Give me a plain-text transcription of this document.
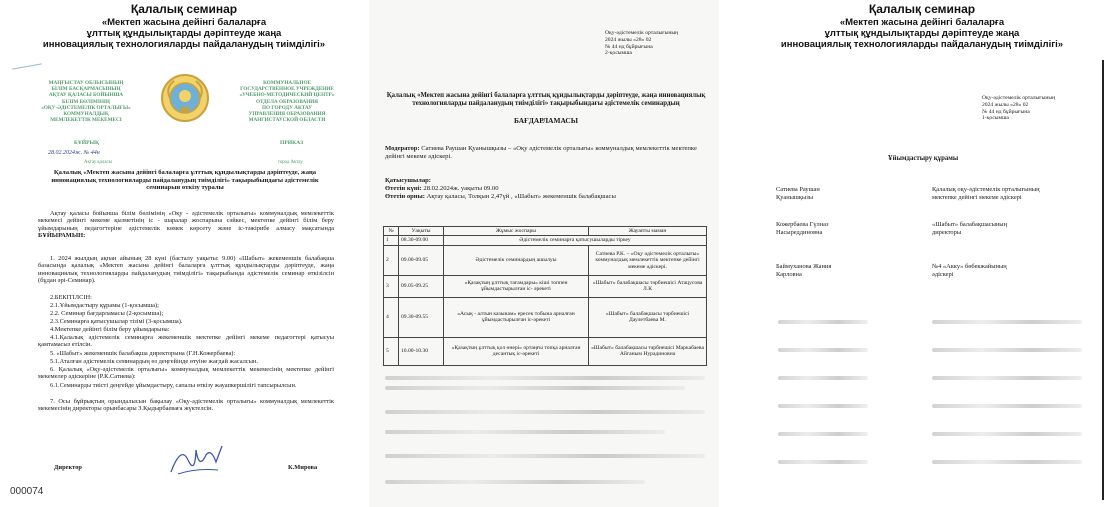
Қалалық семинар
«Мектеп жасына дейінгі балаларға
ұлттық құндылықтарды дәріптеуде жаңа
инновациялық технологияларды пайдаланудың тиімділігі»
МАҢҒЫСТАУ ОБЛЫСЫНЫҢ
БІЛІМ БАСҚАРМАСЫНЫҢ
АҚТАУ ҚАЛАСЫ БОЙЫНША
БІЛІМ БӨЛІМІНІҢ
«ОҚУ-ӘДІСТЕМЕЛІК ОРТАЛЫҒЫ»
КОММУНАЛДЫҚ
МЕМЛЕКЕТТІК МЕКЕМЕСІ
КОММУНАЛЬНОЕ
ГОСУДАРСТВЕННОЕ УЧРЕЖДЕНИЕ
«УЧЕБНО-МЕТОДИЧЕСКИЙ ЦЕНТР»
ОТДЕЛА ОБРАЗОВАНИЯ
ПО ГОРОДУ АКТАУ
УПРАВЛЕНИЯ ОБРАЗОВАНИЯ
МАНГИСТАУСКОЙ ОБЛАСТИ
БҰЙРЫҚ	ПРИКАЗ
28.02.2024ж. № 44н
Ақтау қаласы	город Актау
Қалалық «Мектеп жасына дейінгі балаларға ұлттық құндылықтарды дәріптеуде, жаңа инновациялық технологияларды пайдаланудың тиімділігі» тақырыбындағы әдістемелік семинарын өткізу туралы
Ақтау қаласы бойынша білім бөлімінің «Оқу - әдістемелік орталығы» коммуналдық мемлекеттік мекемесі дейінгі мекеме қызметінің іс - шаралар жоспарына сәйкес, мектепке дейінгі білім беру ұйымдарының педагогтеріне әдістемелік көмек көрсету және іс-тәжірибе алмасу мақсатында БҰЙЫРАМЫН:
1. 2024 жылдың ақпан айының 28 күні (басталу уақыты: 9.00) «Шабыт» жекеменшік балабақша базасында қалалық «Мектеп жасына дейінгі балаларға ұлттық құндылықтарды дәріптеуде, жаңа инновациялық технологияларды пайдаланудың тиімділігі» тақырыбында әдістемелік семинар өткізілсін (бұдан әрі-Семинар).
2.БЕКІТІЛСІН:
2.1.Ұйымдастыру құрамы (1-қосымша);
2.2. Семинар бағдарламасы (2-қосымша);
2.3.Семинарға қатысушылар тізімі (3-қосымша).
4.Мектепке дейінгі білім беру ұйымдарына:
4.1.Қалалық әдістемелік семинарға жекеменшік мектепке дейінгі мекеме педагогтері қатысуы қамтамасыз етілсін.
5. «Шабыт» жекеменшік балабақша директорына (Г.Н.Кожербаева):
5.1.Аталған әдістемелік семинардың өз деңгейінде өтуіне жағдай жасалсын.
6. Қалалық «Оқу-әдістемелік орталығы» коммуналдық мемлекеттік мекемесінің мектепке дейінгі мекемелер әдіскеріне (Р.К.Сатиева):
6.1.Семинарды тиісті деңгейде ұйымдастыру, сапалы өткізу жауапкершілігі тапсырылсын.
7. Осы бұйрықтың орындалысын бақылау «Оқу-әдістемелік орталығы» коммуналдық мемлекеттік мекемесінің директоры орынбасары З.Қыдырбаеваға жүктелсін.
Директор	К.Мирова
000074
Оқу-әдістемелік орталығының
2024 жылы «28» 02
№ 44 нд бұйрығына
2-қосымша
Қалалық «Мектеп жасына дейінгі балаларға ұлттық құндылықтарды дәріптеуде, жаңа инновациялық технологияларды пайдаланудың тиімділігі» тақырыбындағы әдістемелік семинардың
БАҒДАРЛАМАСЫ
Модератор: Сатиева Раушан Қуанышқызы – «Оқу әдістемелік орталығы» коммуналдық мемлекеттік мектепке дейінгі мекеме әдіскері.
Қатысушылар:
Өтетін күні: 28.02.2024ж. уақыты 09.00
Өтетін орны: Ақтау қаласы, Толқын 2,47үй , «Шабыт» жекеменшік балабақшасы
№	Уақыты	Жұмыс жоспары	Жауапты маман
1	08.30-09.00	Әдістемелік семинарға қатысушыларды тіркеу	
2	09.00-09.05	Әдістемелік семинардың ашылуы	Сатиева Р.К. – «Оқу әдістемелік орталығы» коммуналдық мемлекеттік мектепке дейінгі мекеме әдіскері.
3	09.05-09.25	«Қазақтың ұлттық тағамдары» кіші топпен ұйымдастырылған іс- әрекеті	«Шабыт» балабақшасы тәрбиешісі Атацусова Л.К
4	09.30-09.55	«Асық - алтын казынам» ересек тобына арналған ұйымдастырылған іс-әрекеті	«Шабыт» балабақшасы тәрбиешісі Даулетбаева М.
5	10.00-10.30	«Қазақтың ұлттық қол өнері» ортаңғы топқа арналған десантық іс-әрекеті	«Шабыт» балабақшасы тәрбиешісі Маркабаева Айганым Нурадиновна
Қалалық семинар
«Мектеп жасына дейінгі балаларға
ұлттық құндылықтарды дәріптеуде жаңа
инновациялық технологияларды пайдаланудың тиімділігі»
Оқу-әдістемелік орталығының
2024 жылы «28» 02
№ 44 нд бұйрығына
1-қосымша
Ұйымдастыру құрамы
Сатиева Раушан
Қуанышқызы
Қалалық оқу-әдістемелік орталығының
мектепке дейінгі мекеме әдіскері
Кожербаева Гүлназ
Насыреддиновна
«Шабыт» балабақшасының
директоры
Баймуханова Жания
Карловна
№4 «Акку» бөбекжайының
әдіскері
